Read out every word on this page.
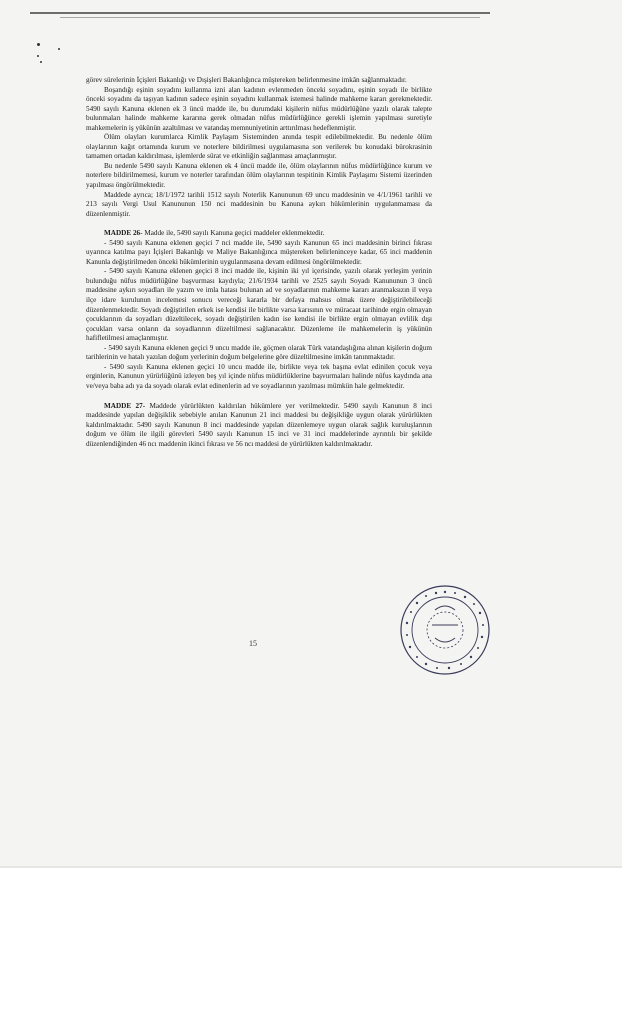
görev sürelerinin İçişleri Bakanlığı ve Dışişleri Bakanlığınca müştereken belirlenmesine imkân sağlanmaktadır.

Boşandığı eşinin soyadını kullanma izni alan kadının evlenmeden önceki soyadını, eşinin soyadı ile birlikte önceki soyadını da taşıyan kadının sadece eşinin soyadını kullanmak istemesi halinde mahkeme kararı gerekmektedir. 5490 sayılı Kanuna eklenen ek 3 üncü madde ile, bu durumdaki kişilerin nüfus müdürlüğüne yazılı olarak talepte bulunmaları halinde mahkeme kararına gerek olmadan nüfus müdürlüğünce gerekli işlemin yapılması suretiyle mahkemelerin iş yükünün azaltılması ve vatandaş memnuniyetinin arttırılması hedeflenmiştir.

Ölüm olayları kurumlarca Kimlik Paylaşım Sisteminden anında tespit edilebilmektedir. Bu nedenle ölüm olaylarının kağıt ortamında kurum ve noterlere bildirilmesi uygulamasına son verilerek bu konudaki bürokrasinin tamamen ortadan kaldırılması, işlemlerde sürat ve etkinliğin sağlanması amaçlanmıştır.

Bu nedenle 5490 sayılı Kanuna eklenen ek 4 üncü madde ile, ölüm olaylarının nüfus müdürlüğünce kurum ve noterlere bildirilmemesi, kurum ve noterler tarafından ölüm olaylarının tespitinin Kimlik Paylaşımı Sistemi üzerinden yapılması öngörülmektedir.

Maddede ayrıca; 18/1/1972 tarihli 1512 sayılı Noterlik Kanununun 69 uncu maddesinin ve 4/1/1961 tarihli ve 213 sayılı Vergi Usul Kanununun 150 nci maddesinin bu Kanuna aykırı hükümlerinin uygulanmaması da düzenlenmiştir.

MADDE 26- Madde ile, 5490 sayılı Kanuna geçici maddeler eklenmektedir.

- 5490 sayılı Kanuna eklenen geçici 7 nci madde ile, 5490 sayılı Kanunun 65 inci maddesinin birinci fıkrası uyarınca katılma payı İçişleri Bakanlığı ve Maliye Bakanlığınca müştereken belirleninceye kadar, 65 inci maddenin Kanunla değiştirilmeden önceki hükümlerinin uygulanmasına devam edilmesi öngörülmektedir.

- 5490 sayılı Kanuna eklenen geçici 8 inci madde ile, kişinin iki yıl içerisinde, yazılı olarak yerleşim yerinin bulunduğu nüfus müdürlüğüne başvurması kaydıyla; 21/6/1934 tarihli ve 2525 sayılı Soyadı Kanununun 3 üncü maddesine aykırı soyadları ile yazım ve imla hatası bulunan ad ve soyadlarının mahkeme kararı aranmaksızın il veya ilçe idare kurulunun incelemesi sonucu vereceği kararla bir defaya mahsus olmak üzere değiştirilebileceği düzenlenmektedir. Soyadı değiştirilen erkek ise kendisi ile birlikte varsa karısının ve müracaat tarihinde ergin olmayan çocuklarının da soyadları düzeltilecek, soyadı değiştirilen kadın ise kendisi ile birlikte ergin olmayan evlilik dışı çocukları varsa onların da soyadlarının düzeltilmesi sağlanacaktır. Düzenleme ile mahkemelerin iş yükünün hafifletilmesi amaçlanmıştır.

- 5490 sayılı Kanuna eklenen geçici 9 uncu madde ile, göçmen olarak Türk vatandaşlığına alınan kişilerin doğum tarihlerinin ve hatalı yazılan doğum yerlerinin doğum belgelerine göre düzeltilmesine imkân tanınmaktadır.

- 5490 sayılı Kanuna eklenen geçici 10 uncu madde ile, birlikte veya tek başına evlat edinilen çocuk veya erginlerin, Kanunun yürürlüğünü izleyen beş yıl içinde nüfus müdürlüklerine başvurmaları halinde nüfus kaydında ana ve/veya baba adı ya da soyadı olarak evlat edinenlerin ad ve soyadlarının yazılması mümkün hale gelmektedir.

MADDE 27- Maddede yürürlükten kaldırılan hükümlere yer verilmektedir. 5490 sayılı Kanunun 8 inci maddesinde yapılan değişiklik sebebiyle anılan Kanunun 21 inci maddesi bu değişikliğe uygun olarak yürürlükten kaldırılmaktadır. 5490 sayılı Kanunun 8 inci maddesinde yapılan düzenlemeye uygun olarak sağlık kuruluşlarının doğum ve ölüm ile ilgili görevleri 5490 sayılı Kanunun 15 inci ve 31 inci maddelerinde ayrıntılı bir şekilde düzenlendiğinden 46 ncı maddenin ikinci fıkrası ve 56 ncı maddesi de yürürlükten kaldırılmaktadır.

15
